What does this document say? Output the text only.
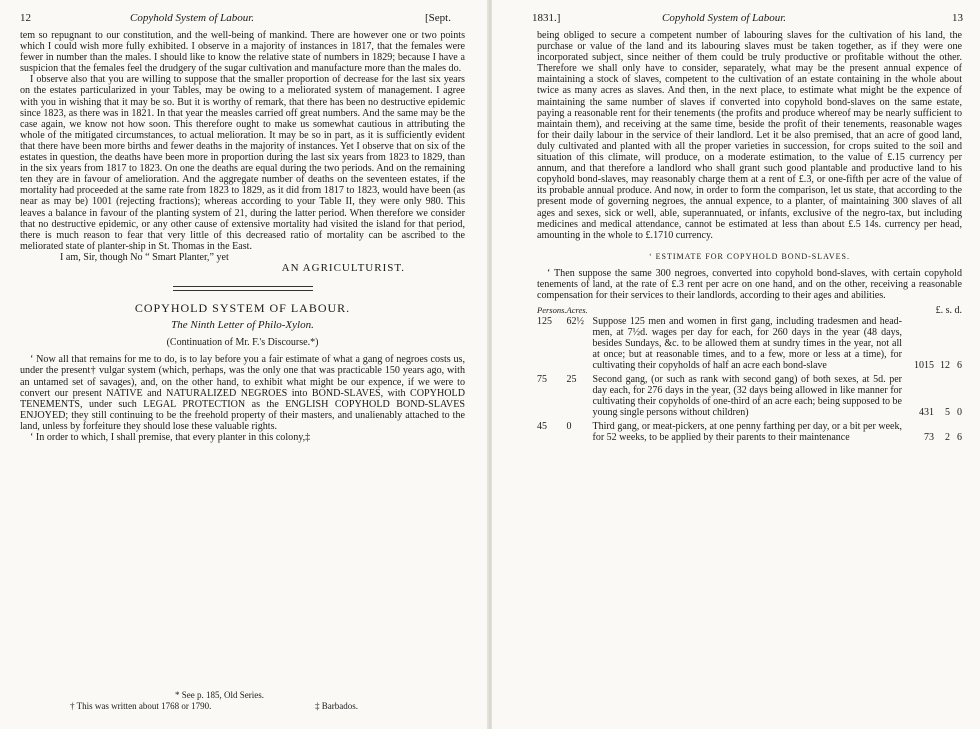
12	Copyhold System of Labour.	[Sept.

tem so repugnant to our constitution, and the well-being of mankind. There are however one or two points which I could wish more fully exhibited. I observe in a majority of instances in 1817, that the females were fewer in number than the males. I should like to know the relative state of numbers in 1829; because I have a suspicion that the females feel the drudgery of the sugar cultivation and manufacture more than the males do.

I observe also that you are willing to suppose that the smaller proportion of decrease for the last six years on the estates particularized in your Tables, may be owing to a meliorated system of management. I agree with you in wishing that it may be so. But it is worthy of remark, that there has been no destructive epidemic since 1823, as there was in 1821. In that year the measles carried off great numbers. And the same may be the case again, we know not how soon. This therefore ought to make us somewhat cautious in attributing the whole of the mitigated circumstances, to actual melioration. It may be so in part, as it is sufficiently evident that there have been more births and fewer deaths in the majority of instances. Yet I observe that on six of the estates in question, the deaths have been more in proportion during the last six years from 1823 to 1829, than in the six years from 1817 to 1823. On one the deaths are equal during the two periods. And on the remaining ten they are in favour of amelioration. And the aggregate number of deaths on the seventeen estates, if the mortality had proceeded at the same rate from 1823 to 1829, as it did from 1817 to 1823, would have been (as near as may be) 1001 (rejecting fractions); whereas according to your Table II, they were only 980. This leaves a balance in favour of the planting system of 21, during the latter period. When therefore we consider that no destructive epidemic, or any other cause of extensive mortality had visited the island for that period, there is much reason to fear that very little of this decreased ratio of mortality can be ascribed to the meliorated state of planter-ship in St. Thomas in the East.

I am, Sir, though No “ Smart Planter,” yet

AN AGRICULTURIST.

COPYHOLD SYSTEM OF LABOUR.
The Ninth Letter of Philo-Xylon.
(Continuation of Mr. F.'s Discourse.*)

‘ Now all that remains for me to do, is to lay before you a fair estimate of what a gang of negroes costs us, under the present† vulgar system (which, perhaps, was the only one that was practicable 150 years ago, with an untamed set of savages), and, on the other hand, to exhibit what might be our expence, if we were to convert our present NATIVE and NATURALIZED NEGROES into BOND-SLAVES, with COPYHOLD TENEMENTS, under such LEGAL PROTECTION as the ENGLISH COPYHOLD BOND-SLAVES ENJOYED; they still continuing to be the freehold property of their masters, and unalienably attached to the land, unless by forfeiture they should lose these valuable rights.

‘ In order to which, I shall premise, that every planter in this colony,‡

* See p. 185, Old Series.
† This was written about 1768 or 1790.	‡ Barbados.
1831.]	Copyhold System of Labour.	13

being obliged to secure a competent number of labouring slaves for the cultivation of his land, the purchase or value of the land and its labouring slaves must be taken together, as if they were one incorporated subject, since neither of them could be truly productive or profitable without the other. Therefore we shall only have to consider, separately, what may be the present annual expence of maintaining a stock of slaves, competent to the cultivation of an estate containing in the whole about twice as many acres as slaves. And then, in the next place, to estimate what might be the expence of maintaining the same number of slaves if converted into copyhold bond-slaves on the same estate, paying a reasonable rent for their tenements (the profits and produce whereof may be nearly sufficient to maintain them), and receiving at the same time, beside the profit of their tenements, reasonable wages for their daily labour in the service of their landlord. Let it be also premised, that an acre of good land, duly cultivated and planted with all the proper varieties in succession, for crops suited to the soil and situation of this climate, will produce, on a moderate estimation, to the value of £.15 currency per annum, and that therefore a landlord who shall grant such good plantable and productive land to his copyhold bond-slaves, may reasonably charge them at a rent of £.3, or one-fifth per acre of the value of its probable annual produce. And now, in order to form the comparison, let us state, that according to the present mode of governing negroes, the annual expence, to a planter, of maintaining 300 slaves of all ages and sexes, sick or well, able, superannuated, or infants, exclusive of the negro-tax, but including medicines and medical attendance, cannot be estimated at less than about £.5 14s. currency per head, amounting in the whole to £.1710 currency.

‘ ESTIMATE FOR COPYHOLD BOND-SLAVES.

‘ Then suppose the same 300 negroes, converted into copyhold bond-slaves, with certain copyhold tenements of land, at the rate of £.3 rent per acre on one hand, and on the other, receiving a reasonable compensation for their services to their landlords, according to their ages and abilities.

Persons.	Acres.		£. s. d.		
125	62½	Suppose 125 men and women in first gang, including tradesmen and head-men, at 7½d. wages per day for each, for 260 days in the year (48 days, besides Sundays, &c. to be allowed them at sundry times in the year, not all at once; but at reasonable times, and to a few, more or less at a time), for cultivating their copyholds of half an acre each bond-slave	1015	12	6
75	25	Second gang, (or such as rank with second gang) of both sexes, at 5d. per day each, for 276 days in the year, (32 days being allowed in like manner for cultivating their copyholds of one-third of an acre each; being supposed to be young single persons without children)	431	5	0
45	0	Third gang, or meat-pickers, at one penny farthing per day, or a bit per week, for 52 weeks, to be applied by their parents to their maintenance	73	2	6
